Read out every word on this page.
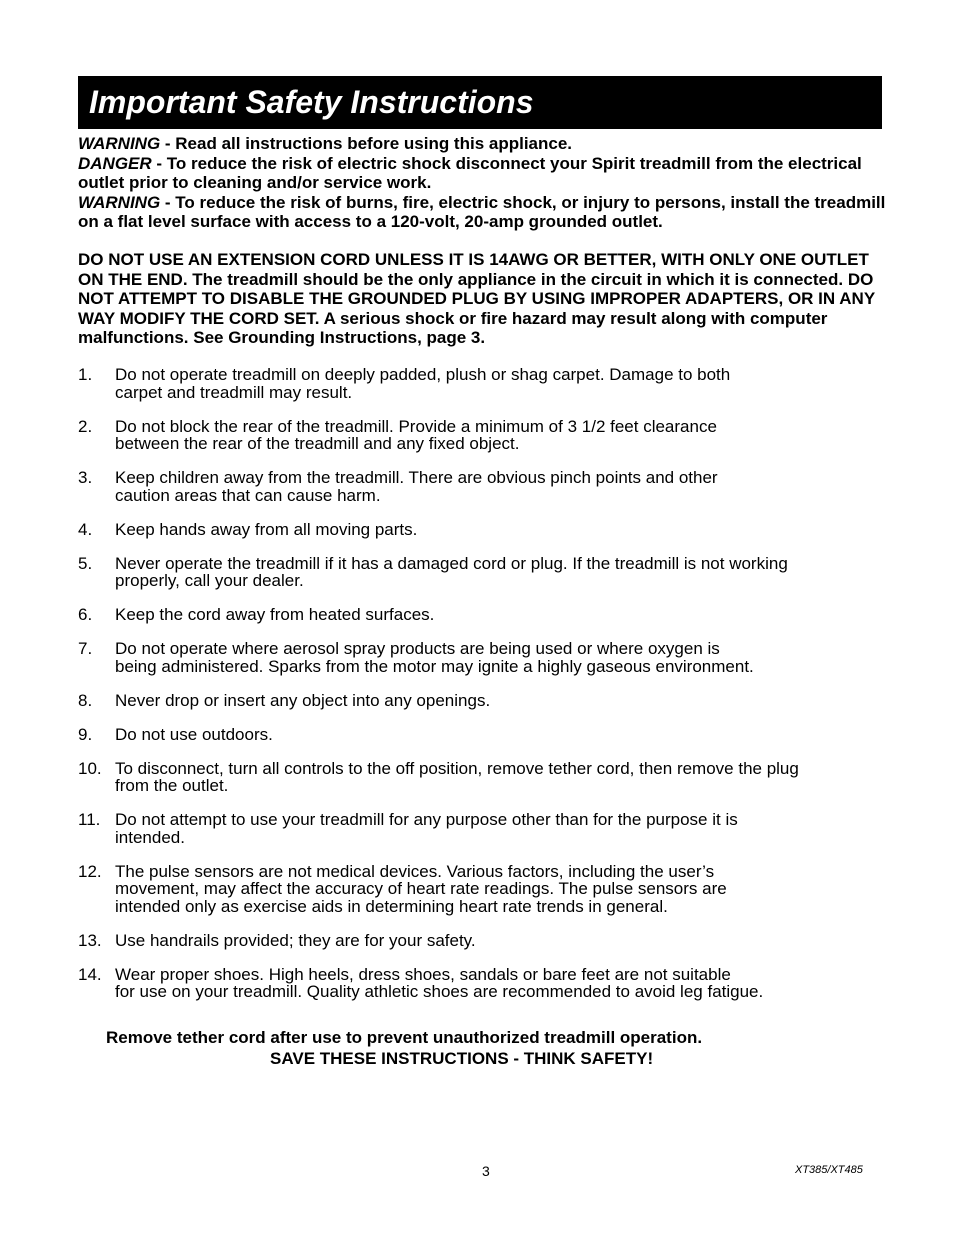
Important Safety Instructions

WARNING - Read all instructions before using this appliance.

DANGER - To reduce the risk of electric shock disconnect your Spirit treadmill from the electrical outlet prior to cleaning and/or service work.

WARNING - To reduce the risk of burns, fire, electric shock, or injury to persons, install the treadmill on a flat level surface with access to a 120-volt, 20-amp grounded outlet.

DO NOT USE AN EXTENSION CORD UNLESS IT IS 14AWG OR BETTER, WITH ONLY ONE OUTLET ON THE END. The treadmill should be the only appliance in the circuit in which it is connected. DO NOT ATTEMPT TO DISABLE THE GROUNDED PLUG BY USING IMPROPER ADAPTERS, OR IN ANY WAY MODIFY THE CORD SET. A serious shock or fire hazard may result along with computer malfunctions. See Grounding Instructions, page 3.

1. Do not operate treadmill on deeply padded, plush or shag carpet. Damage to both
carpet and treadmill may result.
2. Do not block the rear of the treadmill. Provide a minimum of 3 1/2 feet clearance
between the rear of the treadmill and any fixed object.
3. Keep children away from the treadmill. There are obvious pinch points and other
caution areas that can cause harm.
4. Keep hands away from all moving parts.
5. Never operate the treadmill if it has a damaged cord or plug. If the treadmill is not working
properly, call your dealer.
6. Keep the cord away from heated surfaces.
7. Do not operate where aerosol spray products are being used or where oxygen is
being administered. Sparks from the motor may ignite a highly gaseous environment.
8. Never drop or insert any object into any openings.
9. Do not use outdoors.
10. To disconnect, turn all controls to the off position, remove tether cord, then remove the plug
from the outlet.
11. Do not attempt to use your treadmill for any purpose other than for the purpose it is
intended.
12. The pulse sensors are not medical devices. Various factors, including the user’s
movement, may affect the accuracy of heart rate readings. The pulse sensors are
intended only as exercise aids in determining heart rate trends in general.
13. Use handrails provided; they are for your safety.
14. Wear proper shoes. High heels, dress shoes, sandals or bare feet are not suitable
for use on your treadmill. Quality athletic shoes are recommended to avoid leg fatigue.
Remove tether cord after use to prevent unauthorized treadmill operation.
SAVE THESE INSTRUCTIONS - THINK SAFETY!
3	XT385/XT485
